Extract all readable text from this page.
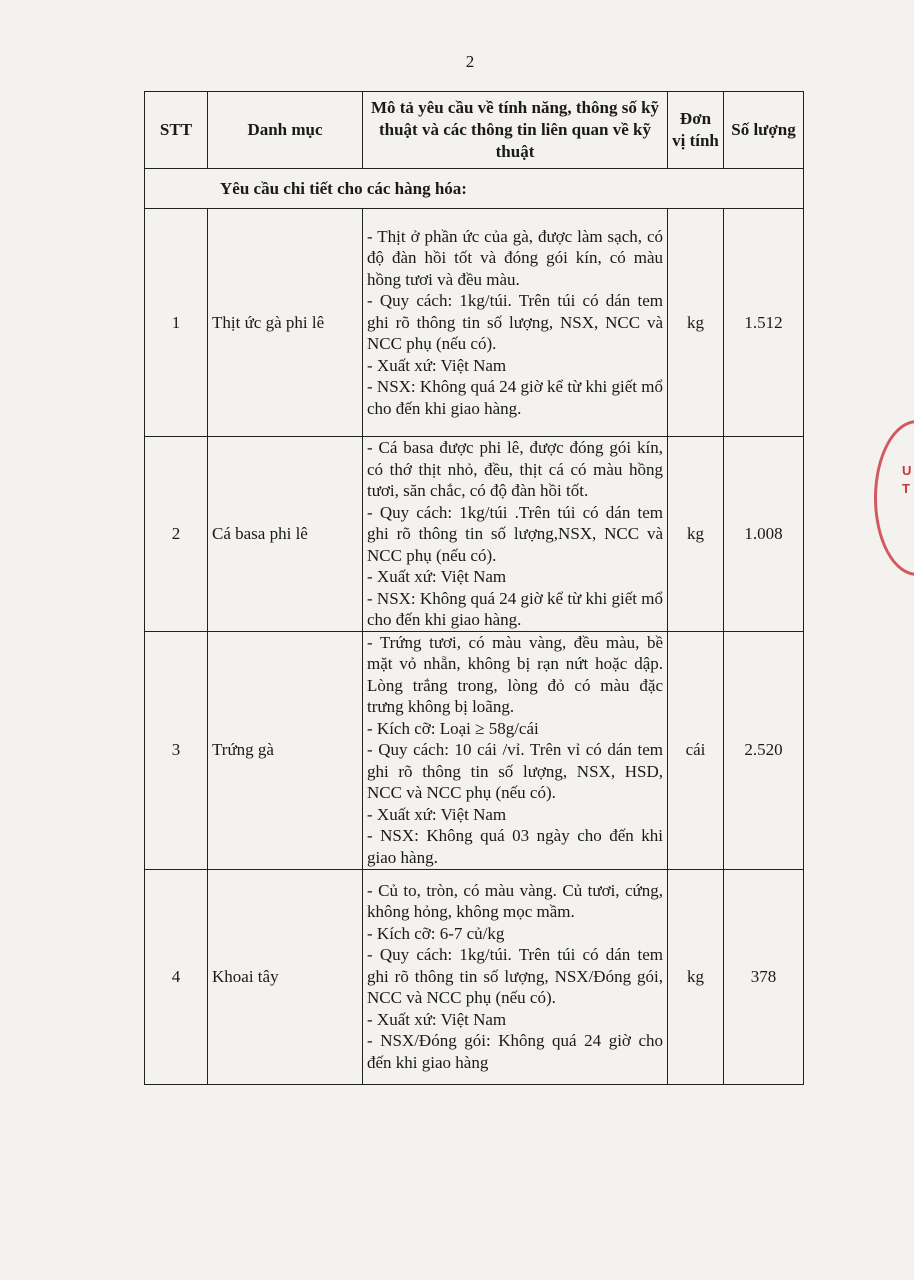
2
STT	Danh mục	Mô tả yêu cầu về tính năng, thông số kỹ thuật và các thông tin liên quan về kỹ thuật	Đơn vị tính	Số lượng
Yêu cầu chi tiết cho các hàng hóa:				
1	Thịt ức gà phi lê	- Thịt ở phần ức của gà, được làm sạch, có độ đàn hồi tốt và đóng gói kín, có màu hồng tươi và đều màu.
- Quy cách: 1kg/túi. Trên túi có dán tem ghi rõ thông tin số lượng, NSX, NCC và NCC phụ (nếu có).
- Xuất xứ: Việt Nam
- NSX: Không quá 24 giờ kể từ khi giết mổ cho đến khi giao hàng.	kg	1.512
2	Cá basa phi lê	- Cá basa được phi lê, được đóng gói kín, có thớ thịt nhỏ, đều, thịt cá có màu hồng tươi, săn chắc, có độ đàn hồi tốt.
- Quy cách: 1kg/túi .Trên túi có dán tem ghi rõ thông tin số lượng,NSX, NCC và NCC phụ (nếu có).
- Xuất xứ: Việt Nam
- NSX: Không quá 24 giờ kể từ khi giết mổ cho đến khi giao hàng.	kg	1.008
3	Trứng gà	- Trứng tươi, có màu vàng, đều màu, bề mặt vỏ nhẵn, không bị rạn nứt hoặc dập. Lòng trắng trong, lòng đỏ có màu đặc trưng không bị loãng.
- Kích cỡ: Loại ≥ 58g/cái
- Quy cách: 10 cái /vỉ. Trên vỉ có dán tem ghi rõ thông tin số lượng, NSX, HSD, NCC và NCC phụ (nếu có).
- Xuất xứ: Việt Nam
- NSX: Không quá 03 ngày cho đến khi giao hàng.	cái	2.520
4	Khoai tây	- Củ to, tròn, có màu vàng. Củ tươi, cứng, không hỏng, không mọc mầm.
- Kích cỡ: 6-7 củ/kg
- Quy cách: 1kg/túi. Trên túi có dán tem ghi rõ thông tin số lượng, NSX/Đóng gói, NCC và NCC phụ (nếu có).
- Xuất xứ: Việt Nam
- NSX/Đóng gói: Không quá 24 giờ cho đến khi giao hàng	kg	378
U T
